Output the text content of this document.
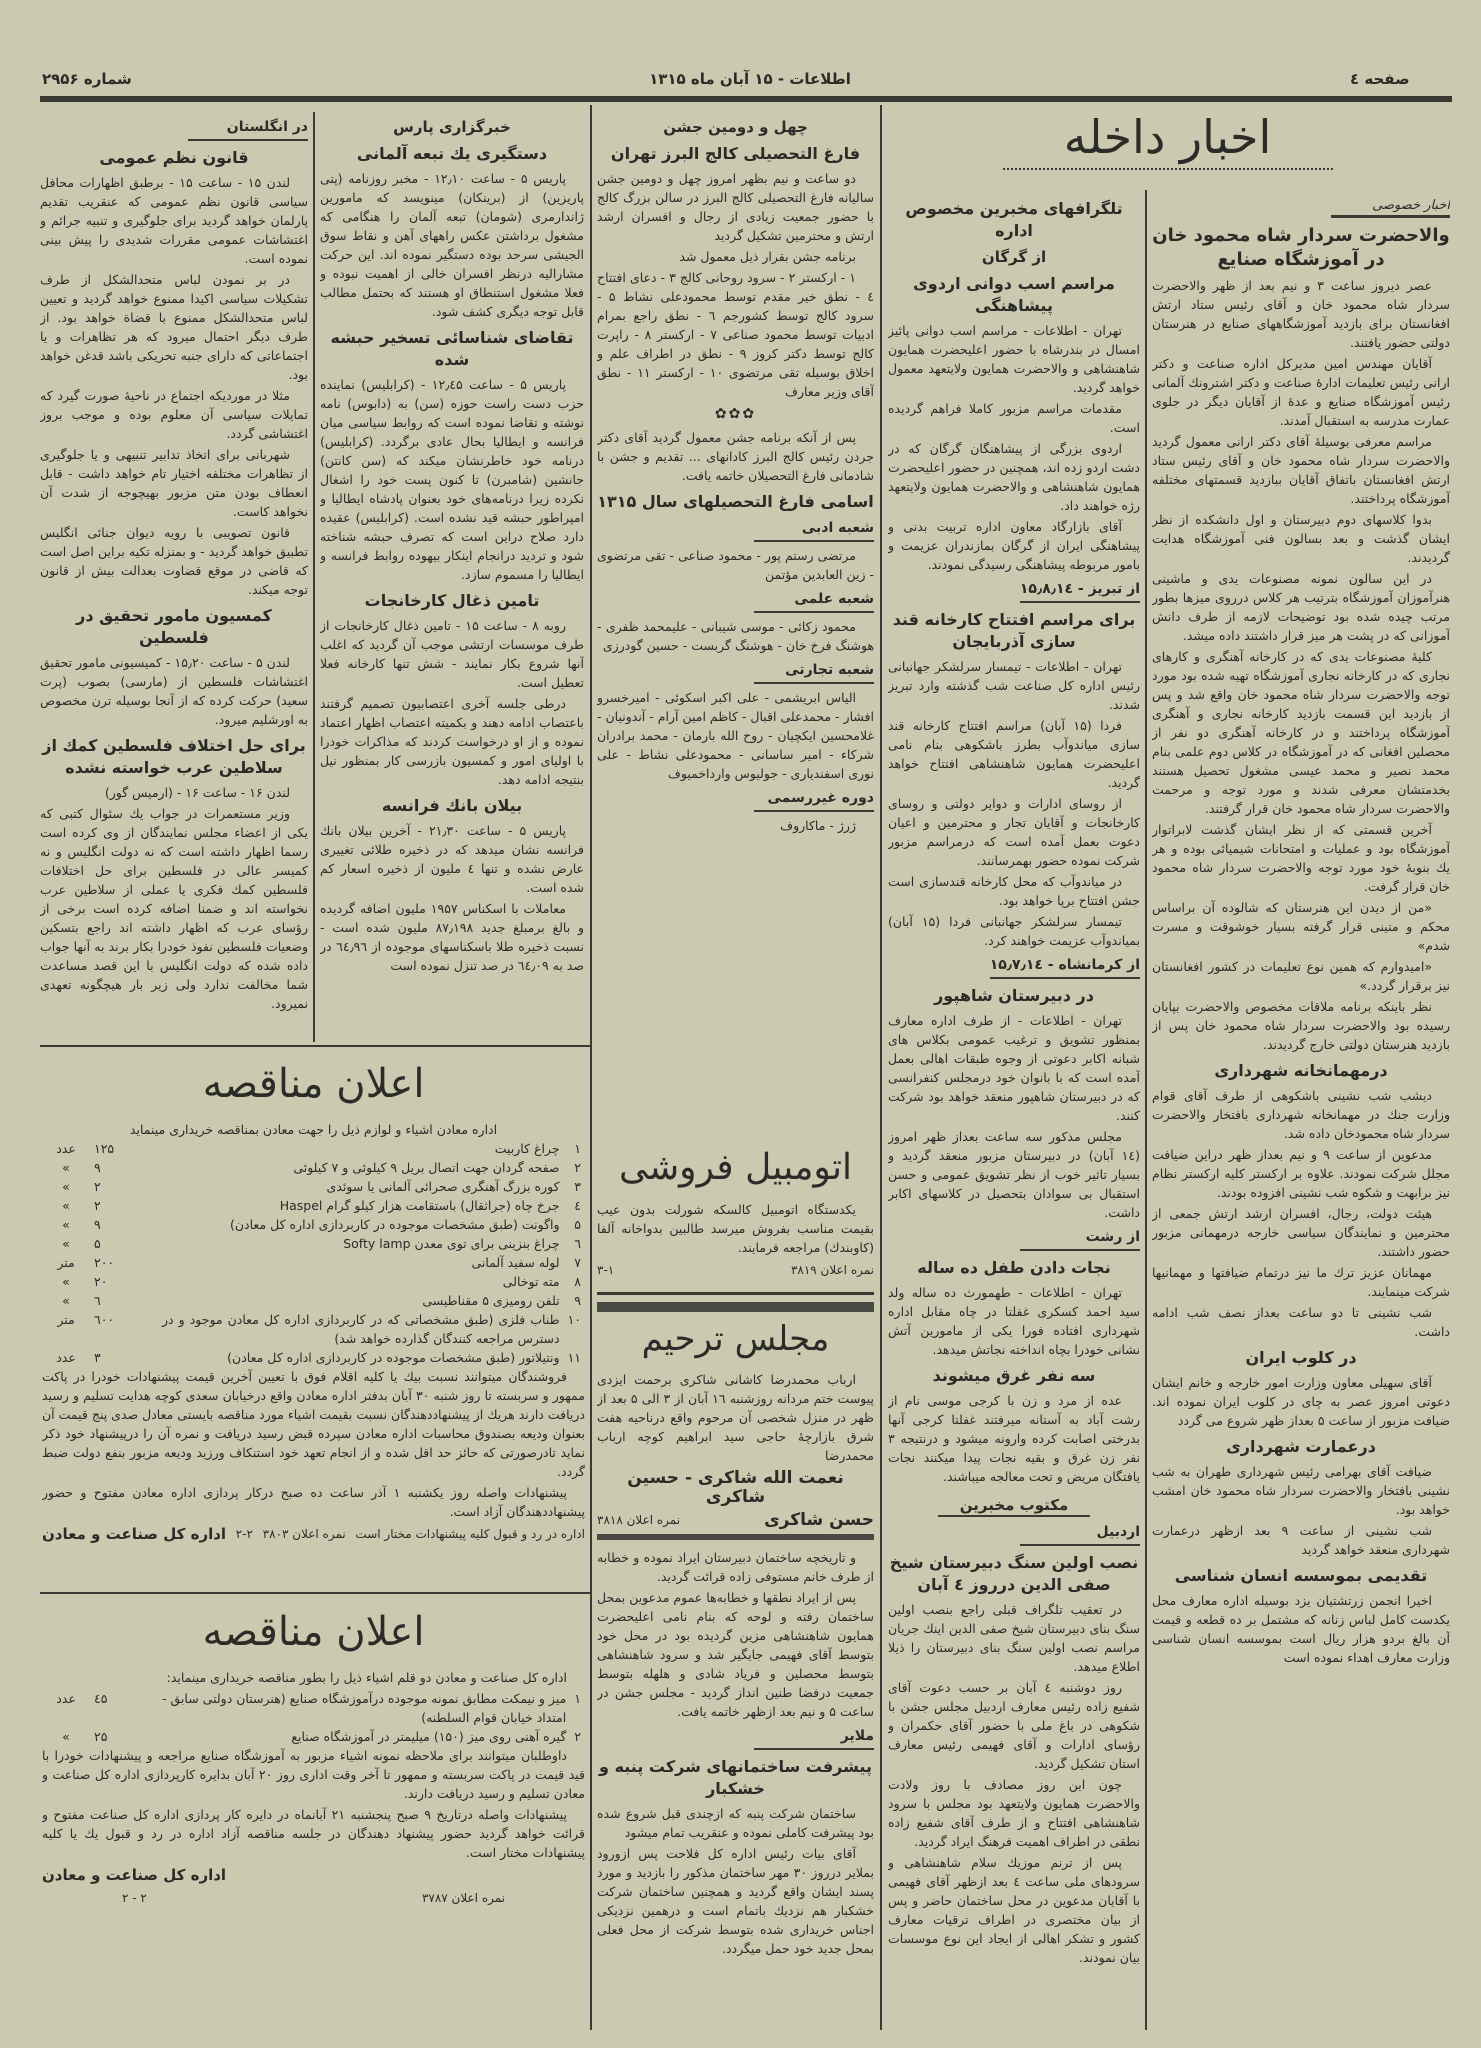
صفحه ٤
اطلاعات - ۱۵ آبان ماه ۱۳۱۵
شماره ۲۹۵۶
در انگلستان
قانون نظم عمومی
لندن ۱۵ - ساعت ۱۵ - برطبق اظهارات محافل سیاسی قانون نظم عمومی که عنقریب تقدیم پارلمان خواهد گردید برای جلوگیری و تنبیه جرائم و اغتشاشات عمومی مقررات شدیدی را پیش بینی نموده است.
در بر نمودن لباس متحدالشکل از طرف تشکیلات سیاسی اکیدا ممنوع خواهد گردید و تعیین لباس متحدالشکل ممنوع با قضاة خواهد بود. از طرف دیگر احتمال میرود که هر تظاهرات و یا اجتماعاتی که دارای جنبه تحریکی باشد قدغن خواهد بود.
مثلا در موردیکه اجتماع در ناحیهٔ صورت گیرد که تمایلات سیاسی آن معلوم بوده و موجب بروز اغتشاشی گردد.
شهربانی برای اتخاذ تدابیر تنبیهی و یا جلوگیری از تظاهرات مختلفه اختیار تام خواهد داشت - قابل انعطاف بودن متن مزبور بهیچوجه از شدت آن نخواهد کاست.
قانون تصویبی با رویه دیوان جنائی انگلیس تطبیق خواهد گردید - و بمنزله تکیه براین اصل است که قاضی در موقع قضاوت بعدالت بیش از قانون توجه میکند.
کمسیون مامور تحقیق در فلسطین
لندن ۵ - ساعت ۱۵٫۲۰ - کمیسیونی مامور تحقیق اغتشاشات فلسطین از (مارسی) بصوب (پرت سعید) حرکت کرده که از آنجا بوسیله ترن مخصوص به اورشلیم میرود.
برای حل اختلاف فلسطین کمك از سلاطین عرب خواسته نشده
لندن ۱۶ - ساعت ۱۶ - (ارمیس گور)
وزیر مستعمرات در جواب یك سئوال کتبی که یکی از اعضاء مجلس نمایندگان از وی کرده است رسما اظهار داشته است که نه دولت انگلیس و نه کمیسر عالی در فلسطین برای حل اختلافات فلسطین کمك فکری یا عملی از سلاطین عرب نخواسته اند و ضمنا اضافه کرده است برخی از رؤسای عرب که اظهار داشته اند راجع بتسکین وضعیات فلسطین نفوذ خودرا بکار برند به آنها جواب داده شده که دولت انگلیس با این قصد مساعدت شما مخالفت ندارد ولی زیر بار هیچگونه تعهدی نمیرود.
خبرگزاری پارس
دستگیری یك تبعه آلمانی
پاریس ۵ - ساعت ۱۲٫۱۰ - مخبر روزنامه (پتی پاریزین) از (برینکان) مینویسد که مامورین ژاندارمری (شومان) تبعه آلمان را هنگامی که مشغول برداشتن عکس راههای آهن و نقاط سوق الجیشی سرحد بوده دستگیر نموده اند. این حرکت مشارالیه درنظر افسران خالی از اهمیت نبوده و فعلا مشغول استنطاق او هستند که بحتمل مطالب قابل توجه دیگری کشف شود.
تقاضای شناسائی تسخیر حبشه شده
پاریس ۵ - ساعت ۱۲٫٤۵ - (کرابلیس) نماینده حزب دست راست حوزه (سن) به (دابوس) نامه نوشته و تقاضا نموده است که روابط سیاسی میان فرانسه و ایطالیا بحال عادی برگردد. (کرابلیس) درنامه خود خاطرنشان میکند که (سن کانتن) جانشین (شامبرن) تا کنون پست خود را اشغال نکرده زیرا درنامه‌های خود بعنوان پادشاه ایطالیا و امپراطور حبشه قید نشده است. (کرابلیس) عقیده دارد صلاح دراین است که تصرف حبشه شناخته شود و تردید درانجام اینکار بیهوده روابط فرانسه و ایطالیا را مسموم سازد.
تامین ذغال کارخانجات
روبه ۸ - ساعت ۱۵ - تامین ذغال کارخانجات از طرف موسسات ارتشی موجب آن گردید که اغلب آنها شروع بکار نمایند - شش تنها کارخانه فعلا تعطیل است.
درطی جلسه آخری اعتصابیون تصمیم گرفتند باعتصاب ادامه دهند و بکمیته اعتصاب اظهار اعتماد نموده و از او درخواست کردند که مذاکرات خودرا با اولیای امور و کمسیون بازرسی کار بمنظور نیل بنتیجه ادامه دهد.
بیلان بانك فرانسه
پاریس ۵ - ساعت ۲۱٫۳۰ - آخرین بیلان بانك فرانسه نشان میدهد که در ذخیره طلائی تغییری عارض نشده و تنها ٤ ملیون از ذخیره اسعار کم شده است.
معاملات با اسکناس ۱۹۵۷ ملیون اضافه گردیده و بالغ برمبلغ جدید ۸۷٫۱۹۸ ملیون شده است - نسبت ذخیره طلا باسکناسهای موجوده از ٦٤٫۹٦ در صد به ٦٤٫۰۹ در صد تنزل نموده است
چهل و دومین جشن
فارغ التحصیلی کالج البرز تهران
دو ساعت و نیم بظهر امروز چهل و دومین جشن سالیانه فارغ التحصیلی کالج البرز در سالن بزرگ کالج با حضور جمعیت زیادی از رجال و افسران ارشد ارتش و محترمین تشکیل گردید
برنامه جشن بقرار ذیل معمول شد
۱ - ارکستر ۲ - سرود روحانی کالج ۳ - دعای افتتاح ٤ - نطق خیر مقدم توسط محمودعلی نشاط ۵ - سرود کالج توسط کشورجم ٦ - نطق راجع بمرام ادبیات توسط محمود صناعی ۷ - ارکستر ۸ - راپرت کالج توسط دکتر کروز ۹ - نطق در اطراف علم و اخلاق بوسیله تقی مرتضوی ۱۰ - ارکستر ۱۱ - نطق آقای وزیر معارف
✿✿✿
پس از آنکه برنامه جشن معمول گردید آقای دکتر جردن رئیس کالج البرز کادانهای ... تقدیم و جشن با شادمانی فارغ التحصیلان خاتمه یافت.
اسامی فارغ التحصیلهای سال ۱۳۱۵
شعبه ادبی
مرتضی رستم پور - محمود صناعی - تقی مرتضوی - زین العابدین مؤتمن
شعبه علمی
محمود زکائی - موسی شیبانی - علیمحمد ظفری - هوشنگ فرخ خان - هوشنگ گربست - حسین گودرزی
شعبه تجارتی
الیاس ابریشمی - علی اکبر اسکوئی - امیرخسرو افشار - محمدعلی اقبال - کاظم امین آرام - آندونیان - غلامحسین ایکچیان - روح الله بارمان - محمد برادران شرکاء - امیر ساسانی - محمودعلی نشاط - علی نوری اسفندیاری - جولیوس وارداخمیوف
دوره غیررسمی
ژرژ - ماکاروف
اخبار داخله
تلگرافهای مخبرین مخصوص اداره
از گرگان
مراسم اسب دوانی اردوی پیشاهنگی
تهران - اطلاعات - مراسم اسب دوانی پائیز امسال در بندرشاه با حضور اعلیحضرت همایون شاهنشاهی و والاحضرت همایون ولایتعهد معمول خواهد گردید.
مقدمات مراسم مزبور کاملا فراهم گردیده است.
اردوی بزرگی از پیشاهنگان گرگان که در دشت اردو زده اند، همچنین در حضور اعلیحضرت همایون شاهنشاهی و والاحضرت همایون ولایتعهد رژه خواهند داد.
آقای بازارگاد معاون اداره تربیت بدنی و پیشاهنگی ایران از گرگان بمازندران عزیمت و بامور مربوطه پیشاهنگی رسیدگی نمودند.
از تبریز - ۱۵٫۸٫۱٤
برای مراسم افتتاح کارخانه قند سازی آذربایجان
تهران - اطلاعات - تیمسار سرلشکر جهانبانی رئیس اداره کل صناعت شب گذشته وارد تبریز شدند.
فردا (۱۵ آبان) مراسم افتتاح کارخانه قند سازی میاندوآب بطرز باشکوهی بنام نامی اعلیحضرت همایون شاهنشاهی افتتاح خواهد گردید.
از روسای ادارات و دوایر دولتی و روسای کارخانجات و آقایان تجار و محترمین و اعیان دعوت بعمل آمده است که درمراسم مزبور شرکت نموده حضور بهمرسانند.
در میاندوآب که محل کارخانه قندسازی است جشن افتتاح برپا خواهد بود.
تیمسار سرلشکر جهانبانی فردا (۱۵ آبان) بمیاندوآب عزیمت خواهند کرد.
از کرمانشاه - ۱۵٫۷٫۱٤
در دبیرستان شاهپور
تهران - اطلاعات - از طرف اداره معارف بمنظور تشویق و ترغیب عمومی بکلاس های شبانه اکابر دعوتی از وجوه طبقات اهالی بعمل آمده است که با بانوان خود درمجلس کنفرانسی که در دبیرستان شاهپور منعقد خواهد بود شرکت کنند.
مجلس مذکور سه ساعت بعداز ظهر امروز (۱٤ آبان) در دبیرستان مزبور منعقد گردید و بسیار تاثیر خوب از نظر تشویق عمومی و حسن استقبال بی سوادان بتحصیل در کلاسهای اکابر داشت.
از رشت
نجات دادن طفل ده ساله
تهران - اطلاعات - طهمورث ده ساله ولد سید احمد کسکری غفلتا در چاه مقابل اداره شهرداری افتاده فورا یکی از مامورین آتش نشانی خودرا بچاه انداخته نجاتش میدهد.
سه نفر غرق میشوند
عده از مرد و زن با کرجی موسی نام از رشت آباد به آستانه میرفتند غفلتا کرجی آنها بدرختی اصابت کرده وارونه میشود و درنتیجه ۳ نفر زن غرق و بقیه نجات پیدا میکنند نجات یافتگان مریض و تحت معالجه میباشند.
مکتوب مخبرین
اردبیل
نصب اولین سنگ دبیرستان شیخ صفی الدین درروز ٤ آبان
در تعقیب تلگراف قبلی راجع بنصب اولین سنگ بنای دبیرستان شیخ صفی الدین اینك جریان مراسم نصب اولین سنگ بنای دبیرستان را ذیلا اطلاع میدهد.
روز دوشنبه ٤ آبان بر حسب دعوت آقای شفیع زاده رئیس معارف اردبیل مجلس جشن با شکوهی در باغ ملی با حضور آقای حکمران و رؤسای ادارات و آقای فهیمی رئیس معارف استان تشکیل گردید.
چون این روز مصادف با روز ولادت والاحضرت همایون ولایتعهد بود مجلس با سرود شاهنشاهی افتتاح و از طرف آقای شفیع زاده نطقی در اطراف اهمیت فرهنگ ایراد گردید.
پس از ترنم موزیك سلام شاهنشاهی و سرودهای ملی ساعت ٤ بعد ازظهر آقای فهیمی با آقایان مدعوین در محل ساختمان حاضر و پس از بیان مختصری در اطراف ترقیات معارف کشور و تشکر اهالی از ایجاد این نوع موسسات بیان نمودند.
اخبار خصوصی
والاحضرت سردار شاه محمود خان در آموزشگاه صنایع
عصر دیروز ساعت ۳ و نیم بعد از ظهر والاحضرت سردار شاه محمود خان و آقای رئیس ستاد ارتش افغانستان برای بازدید آموزشگاههای صنایع در هنرستان دولتی حضور یافتند.
آقایان مهندس امین مدیرکل اداره صناعت و دکتر ارانی رئیس تعلیمات ادارهٔ صناعت و دکتر اشترونك آلمانی رئیس آموزشگاه صنایع و عدهٔ از آقایان دیگر در جلوی عمارت مدرسه به استقبال آمدند.
مراسم معرفی بوسیلهٔ آقای دکتر ارانی معمول گردید والاحضرت سردار شاه محمود خان و آقای رئیس ستاد ارتش افغانستان باتفاق آقایان ببازدید قسمتهای مختلفه آموزشگاه پرداختند.
بدوا کلاسهای دوم دبیرستان و اول دانشکده از نظر ایشان گذشت و بعد بسالون فنی آموزشگاه هدایت گردیدند.
در این سالون نمونه مصنوعات یدی و ماشینی هنرآموزان آموزشگاه بترتیب هر کلاس درروی میزها بطور مرتب چیده شده بود توضیحات لازمه از طرف دانش آموزانی که در پشت هر میز قرار داشتند داده میشد.
کلیهٔ مصنوعات یدی که در کارخانه آهنگری و کارهای نجاری که در کارخانه نجاری آموزشگاه تهیه شده بود مورد توجه والاحضرت سردار شاه محمود خان واقع شد و پس از بازدید این قسمت بازدید کارخانه نجاری و آهنگری آموزشگاه پرداختند و در کارخانه آهنگری دو نفر از محصلین افغانی که در آموزشگاه در کلاس دوم علمی بنام محمد نصیر و محمد عیسی مشغول تحصیل هستند بخدمتشان معرفی شدند و مورد توجه و مرحمت والاحضرت سردار شاه محمود خان قرار گرفتند.
آخرین قسمتی که از نظر ایشان گذشت لابراتوار آموزشگاه بود و عملیات و امتحانات شیمیائی بوده و هر یك بنوبهٔ خود مورد توجه والاحضرت سردار شاه محمود خان قرار گرفت.
«من از دیدن این هنرستان که شالوده آن براساس محکم و متینی قرار گرفته بسیار خوشوقت و مسرت شدم»
«امیدوارم که همین نوع تعلیمات در کشور افغانستان نیز برقرار گردد.»
نظر باینکه برنامه ملاقات مخصوص والاحضرت بپایان رسیده بود والاحضرت سردار شاه محمود خان پس از بازدید هنرستان دولتی خارج گردیدند.
درمهمانخانه شهرداری
دیشب شب نشینی باشکوهی از طرف آقای قوام وزارت جنك در مهمانخانه شهرداری بافتخار والاحضرت سردار شاه محمودخان داده شد.
مدعوین از ساعت ۹ و نیم بعداز ظهر دراین ضیافت مجلل شرکت نمودند. علاوه بر ارکستر کلیه ارکستر نظام نیز برابهت و شکوه شب نشینی افزوده بودند.
هیئت دولت، رجال، افسران ارشد ارتش جمعی از محترمین و نمایندگان سیاسی خارجه درمهمانی مزبور حضور داشتند.
مهمانان عزیز ترك ما نیز درتمام ضیافتها و مهمانیها شرکت مینمایند.
شب نشینی تا دو ساعت بعداز نصف شب ادامه داشت.
در کلوب ایران
آقای سهیلی معاون وزارت امور خارجه و خانم ایشان دعوتی امروز عصر به چای در کلوب ایران نموده اند. ضیافت مزبور از ساعت ۵ بعداز ظهر شروع می گردد
درعمارت شهرداری
ضیافت آقای بهرامی رئیس شهرداری طهران به شب نشینی بافتخار والاحضرت سردار شاه محمود خان امشب خواهد بود.
شب نشینی از ساعت ۹ بعد ازظهر درعمارت شهرداری منعقد خواهد گردید
تقدیمی بموسسه انسان شناسی
اخیرا انجمن زرتشتیان یزد بوسیله اداره معارف محل یکدست کامل لباس زنانه که مشتمل بر ده قطعه و قیمت آن بالغ بردو هزار ریال است بموسسه انسان شناسی وزارت معارف اهداء نموده است
اتومبیل فروشی
یکدستگاه اتومبیل کالسکه شورلت بدون عیب بقیمت مناسب بفروش میرسد طالبین بدواخانه آلفا (کاوبندك) مراجعه فرمایند.
نمره اعلان ۳۸۱۹
۳-۱
مجلس ترحیم
ارباب محمدرضا کاشانی شاکری برحمت ایزدی پیوست ختم مردانه روزشنبه ۱٦ آبان از ۳ الی ۵ بعد از ظهر در منزل شخصی آن مرحوم واقع درناحیه هفت شرق بازارچهٔ حاجی سید ابراهیم کوچه ارباب محمدرضا
نعمت الله شاکری - حسین شاکری
حسن شاکری
نمره اعلان ۳۸۱۸
و تاریخچه ساختمان دبیرستان ایراد نموده و خطابه از طرف خانم مستوفی زاده قرائت گردید.
پس از ایراد نطقها و خطابه‌ها عموم مدعوین بمحل ساختمان رفته و لوحه که بنام نامی اعلیحضرت همایون شاهنشاهی مزین گردیده بود در محل خود بتوسط آقای فهیمی جایگیر شد و سرود شاهنشاهی بتوسط محصلین و فریاد شادی و هلهله بتوسط جمعیت درفضا طنین انداز گردید - مجلس جشن در ساعت ۵ و نیم بعد ازظهر خاتمه یافت.
ملایر
پیشرفت ساختمانهای شرکت پنبه و خشکبار
ساختمان شرکت پنبه که ازچندی قبل شروع شده بود پیشرفت کاملی نموده و عنقریب تمام میشود
آقای بیات رئیس اداره کل فلاحت پس ازورود بملایر درروز ۳۰ مهر ساختمان مذکور را بازدید و مورد پسند ایشان واقع گردید و همچنین ساختمان شرکت خشکبار هم نزدیك باتمام است و درهمین نزدیکی اجناس خریداری شده بتوسط شرکت از محل فعلی بمحل جدید خود حمل میگردد.
اعلان مناقصه
اداره معادن اشیاء و لوازم ذیل را جهت معادن بمناقصه خریداری مینماید
۱	چراغ کاربیت	۱۲۵	عدد
۲	صفحه گردان جهت اتصال بریل ۹ کیلوئی و ۷ کیلوئی	۹	»
۳	کوره بزرگ آهنگری صحرائی آلمانی یا سوئدی	۲	»
٤	جرخ چاه (جراثقال) باستقامت هزار کیلو گرام Haspel	۲	»
۵	واگونت (طبق مشخصات موجوده در کاربردازی اداره کل معادن)	۹	»
٦	چراغ بنزینی برای توی معدن Softy lamp	۵	»
۷	لوله سفید آلمانی	۲۰۰	متر
۸	مته توخالی	۲۰	»
۹	تلفن رومیزی ۵ مقناطیسی	٦	»
۱۰	طناب فلزی (طبق مشخصاتی که در کاربردازی اداره کل معادن موجود و در دسترس مراجعه کنندگان گذارده خواهد شد)	٦۰۰	متر
۱۱	ونتیلاتور (طبق مشخصات موجوده در کاربردازی اداره کل معادن)	۳	عدد
فروشندگان میتوانند نسبت بیك یا کلیه اقلام فوق با تعیین آخرین قیمت پیشنهادات خودرا در پاکت ممهور و سربسته تا روز شنبه ۳۰ آبان بدفتر اداره معادن واقع درخیابان سعدی کوچه هدایت تسلیم و رسید دریافت دارند هریك از پیشنهاددهندگان نسبت بقیمت اشیاء مورد مناقصه بایستی معادل صدی پنج قیمت آن بعنوان ودیعه بصندوق محاسبات اداره معادن سپرده قبض رسید دریافت و نمره آن را درپیشنهاد خود ذکر نماید تادرصورتی که حائز حد اقل شده و از انجام تعهد خود استنکاف ورزید ودیعه مزبور بنفع دولت ضبط گردد.
پیشنهادات واصله روز یکشنبه ۱ آذر ساعت ده صبح درکار پردازی اداره معادن مفتوح و حضور پیشنهاددهندگان آزاد است.
اداره در رد و قبول کلیه پیشنهادات مختار است
نمره اعلان ۳۸۰۳
۲-۲
اداره کل صناعت و معادن
اعلان مناقصه
اداره کل صناعت و معادن دو قلم اشیاء ذیل را بطور مناقصه خریداری مینماید:
۱	میز و نیمکت مطابق نمونه موجوده درآموزشگاه صنایع (هنرستان دولتی سابق - امتداد خیابان قوام السلطنه)	٤۵	عدد
۲	گیره آهنی روی میز (۱۵۰) میلیمتر در آموزشگاه صنایع	۲۵	»
داوطلبان میتوانند برای ملاحظه نمونه اشیاء مزبور به آموزشگاه صنایع مراجعه و پیشنهادات خودرا با قید قیمت در پاکت سربسته و ممهور تا آخر وقت اداری روز ۲۰ آبان بدایره کارپردازی اداره کل صناعت و معادن تسلیم و رسید دریافت دارند.
پیشنهادات واصله درتاریخ ۹ صبح پنجشنبه ۲۱ آبانماه در دایره کار پردازی اداره کل صناعت مفتوح و قرائت خواهد گردید حضور پیشنهاد دهندگان در جلسه مناقصه آزاد اداره در رد و قبول یك یا کلیه پیشنهادات مختار است.
اداره کل صناعت و معادن
نمره اعلان ۳۷۸۷
۲ - ۲
